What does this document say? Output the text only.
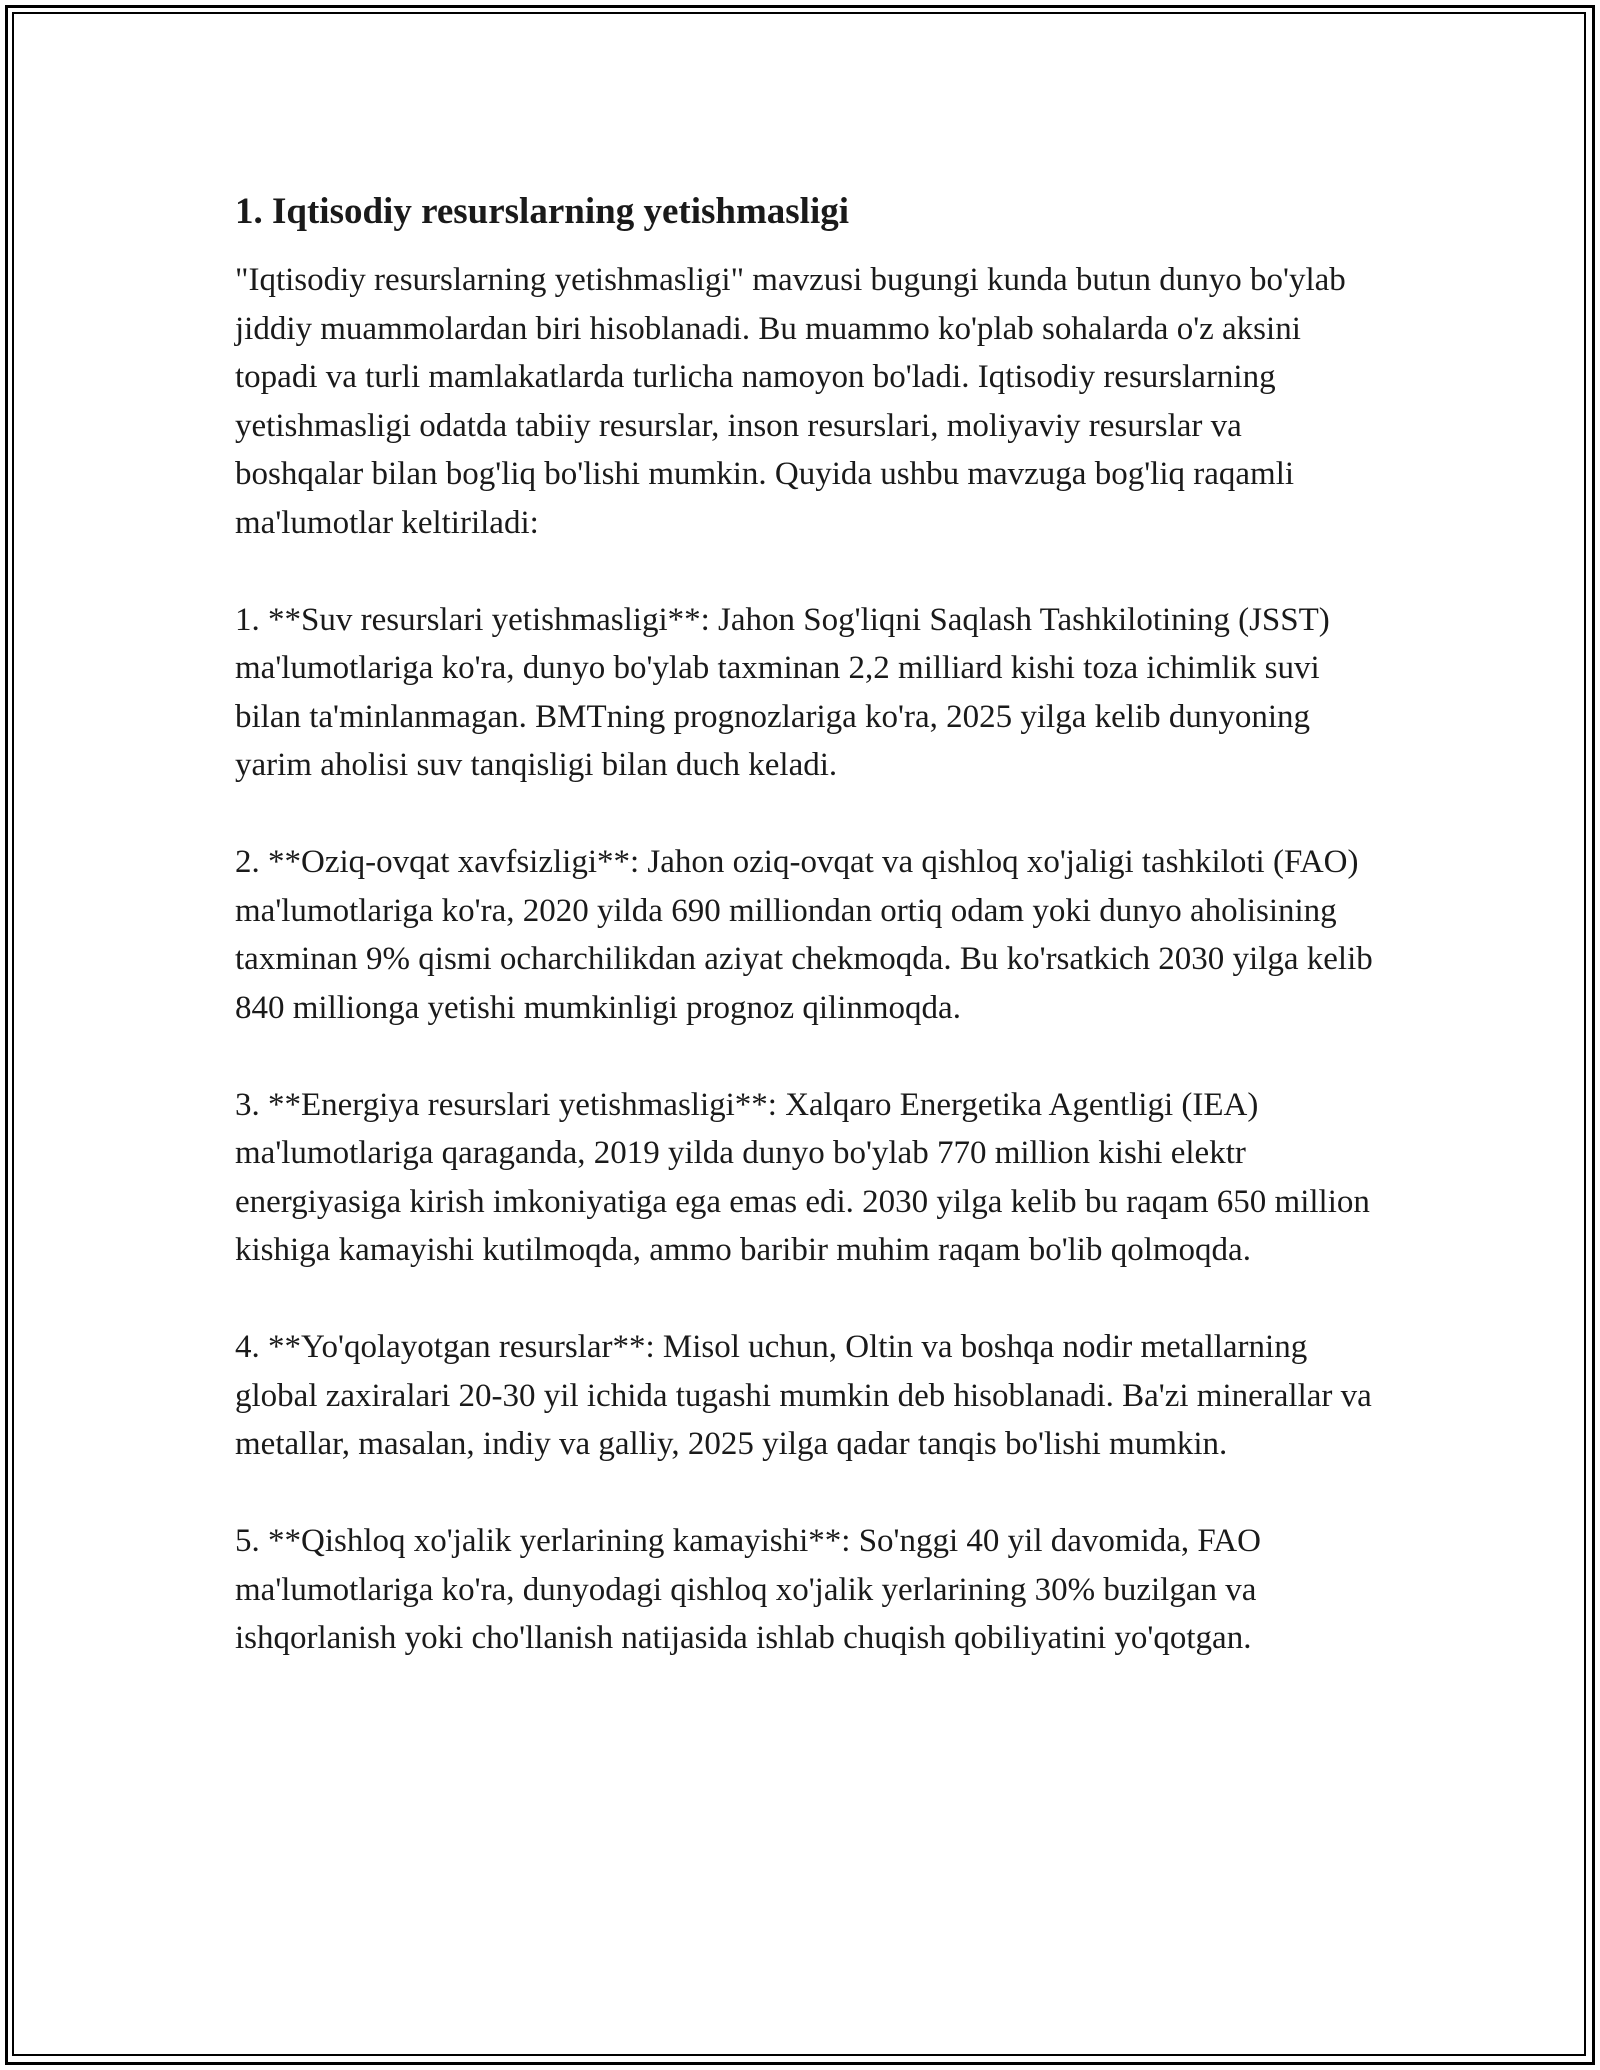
1. Iqtisodiy resurslarning yetishmasligi

"Iqtisodiy resurslarning yetishmasligi" mavzusi bugungi kunda butun dunyo bo'ylab jiddiy muammolardan biri hisoblanadi. Bu muammo ko'plab sohalarda o'z aksini topadi va turli mamlakatlarda turlicha namoyon bo'ladi. Iqtisodiy resurslarning yetishmasligi odatda tabiiy resurslar, inson resurslari, moliyaviy resurslar va boshqalar bilan bog'liq bo'lishi mumkin. Quyida ushbu mavzuga bog'liq raqamli ma'lumotlar keltiriladi:

1. **Suv resurslari yetishmasligi**: Jahon Sog'liqni Saqlash Tashkilotining (JSST) ma'lumotlariga ko'ra, dunyo bo'ylab taxminan 2,2 milliard kishi toza ichimlik suvi bilan ta'minlanmagan. BMTning prognozlariga ko'ra, 2025 yilga kelib dunyoning yarim aholisi suv tanqisligi bilan duch keladi.

2. **Oziq-ovqat xavfsizligi**: Jahon oziq-ovqat va qishloq xo'jaligi tashkiloti (FAO) ma'lumotlariga ko'ra, 2020 yilda 690 milliondan ortiq odam yoki dunyo aholisining taxminan 9% qismi ocharchilikdan aziyat chekmoqda. Bu ko'rsatkich 2030 yilga kelib 840 millionga yetishi mumkinligi prognoz qilinmoqda.

3. **Energiya resurslari yetishmasligi**: Xalqaro Energetika Agentligi (IEA) ma'lumotlariga qaraganda, 2019 yilda dunyo bo'ylab 770 million kishi elektr energiyasiga kirish imkoniyatiga ega emas edi. 2030 yilga kelib bu raqam 650 million kishiga kamayishi kutilmoqda, ammo baribir muhim raqam bo'lib qolmoqda.

4. **Yo'qolayotgan resurslar**: Misol uchun, Oltin va boshqa nodir metallarning global zaxiralari 20-30 yil ichida tugashi mumkin deb hisoblanadi. Ba'zi minerallar va metallar, masalan, indiy va galliy, 2025 yilga qadar tanqis bo'lishi mumkin.

5. **Qishloq xo'jalik yerlarining kamayishi**: So'nggi 40 yil davomida, FAO ma'lumotlariga ko'ra, dunyodagi qishloq xo'jalik yerlarining 30% buzilgan va ishqorlanish yoki cho'llanish natijasida ishlab chuqish qobiliyatini yo'qotgan.
